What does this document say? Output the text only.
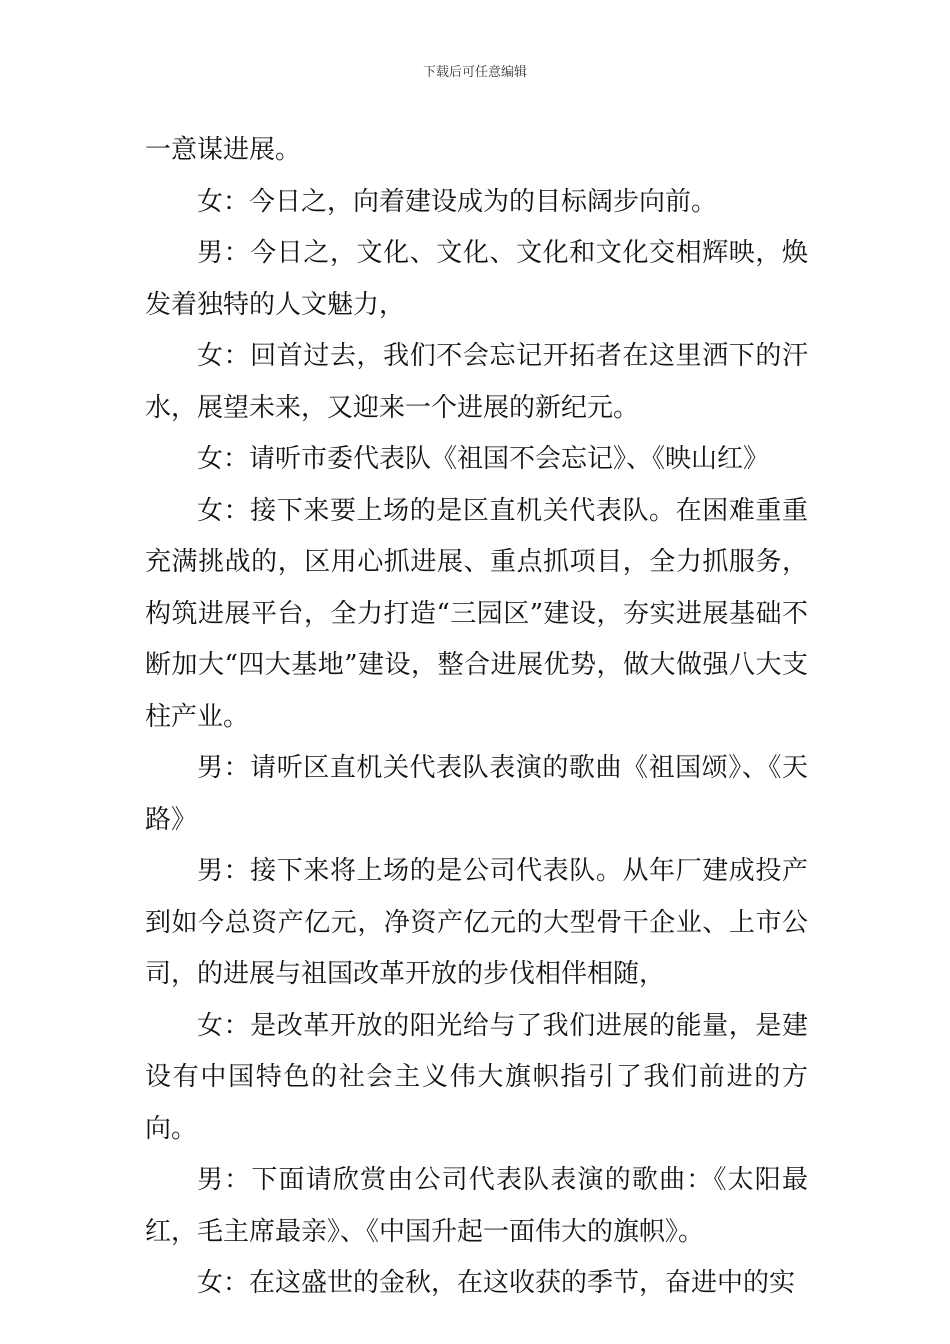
下载后可任意编辑

一意谋进展。

女：今日之，向着建设成为的目标阔步向前。

男：今日之，文化、文化、文化和文化交相辉映，焕发着独特的人文魅力，

女：回首过去，我们不会忘记开拓者在这里洒下的汗水，展望未来，又迎来一个进展的新纪元。

女：请听市委代表队《祖国不会忘记》、《映山红》

女：接下来要上场的是区直机关代表队。在困难重重充满挑战的，区用心抓进展、重点抓项目，全力抓服务，构筑进展平台，全力打造“三园区”建设，夯实进展基础不断加大“四大基地”建设，整合进展优势，做大做强八大支柱产业。

男：请听区直机关代表队表演的歌曲《祖国颂》、《天路》

男：接下来将上场的是公司代表队。从年厂建成投产到如今总资产亿元，净资产亿元的大型骨干企业、上市公司，的进展与祖国改革开放的步伐相伴相随，

女：是改革开放的阳光给与了我们进展的能量，是建设有中国特色的社会主义伟大旗帜指引了我们前进的方向。

男：下面请欣赏由公司代表队表演的歌曲：《太阳最红，毛主席最亲》、《中国升起一面伟大的旗帜》。

女：在这盛世的金秋，在这收获的季节，奋进中的实
